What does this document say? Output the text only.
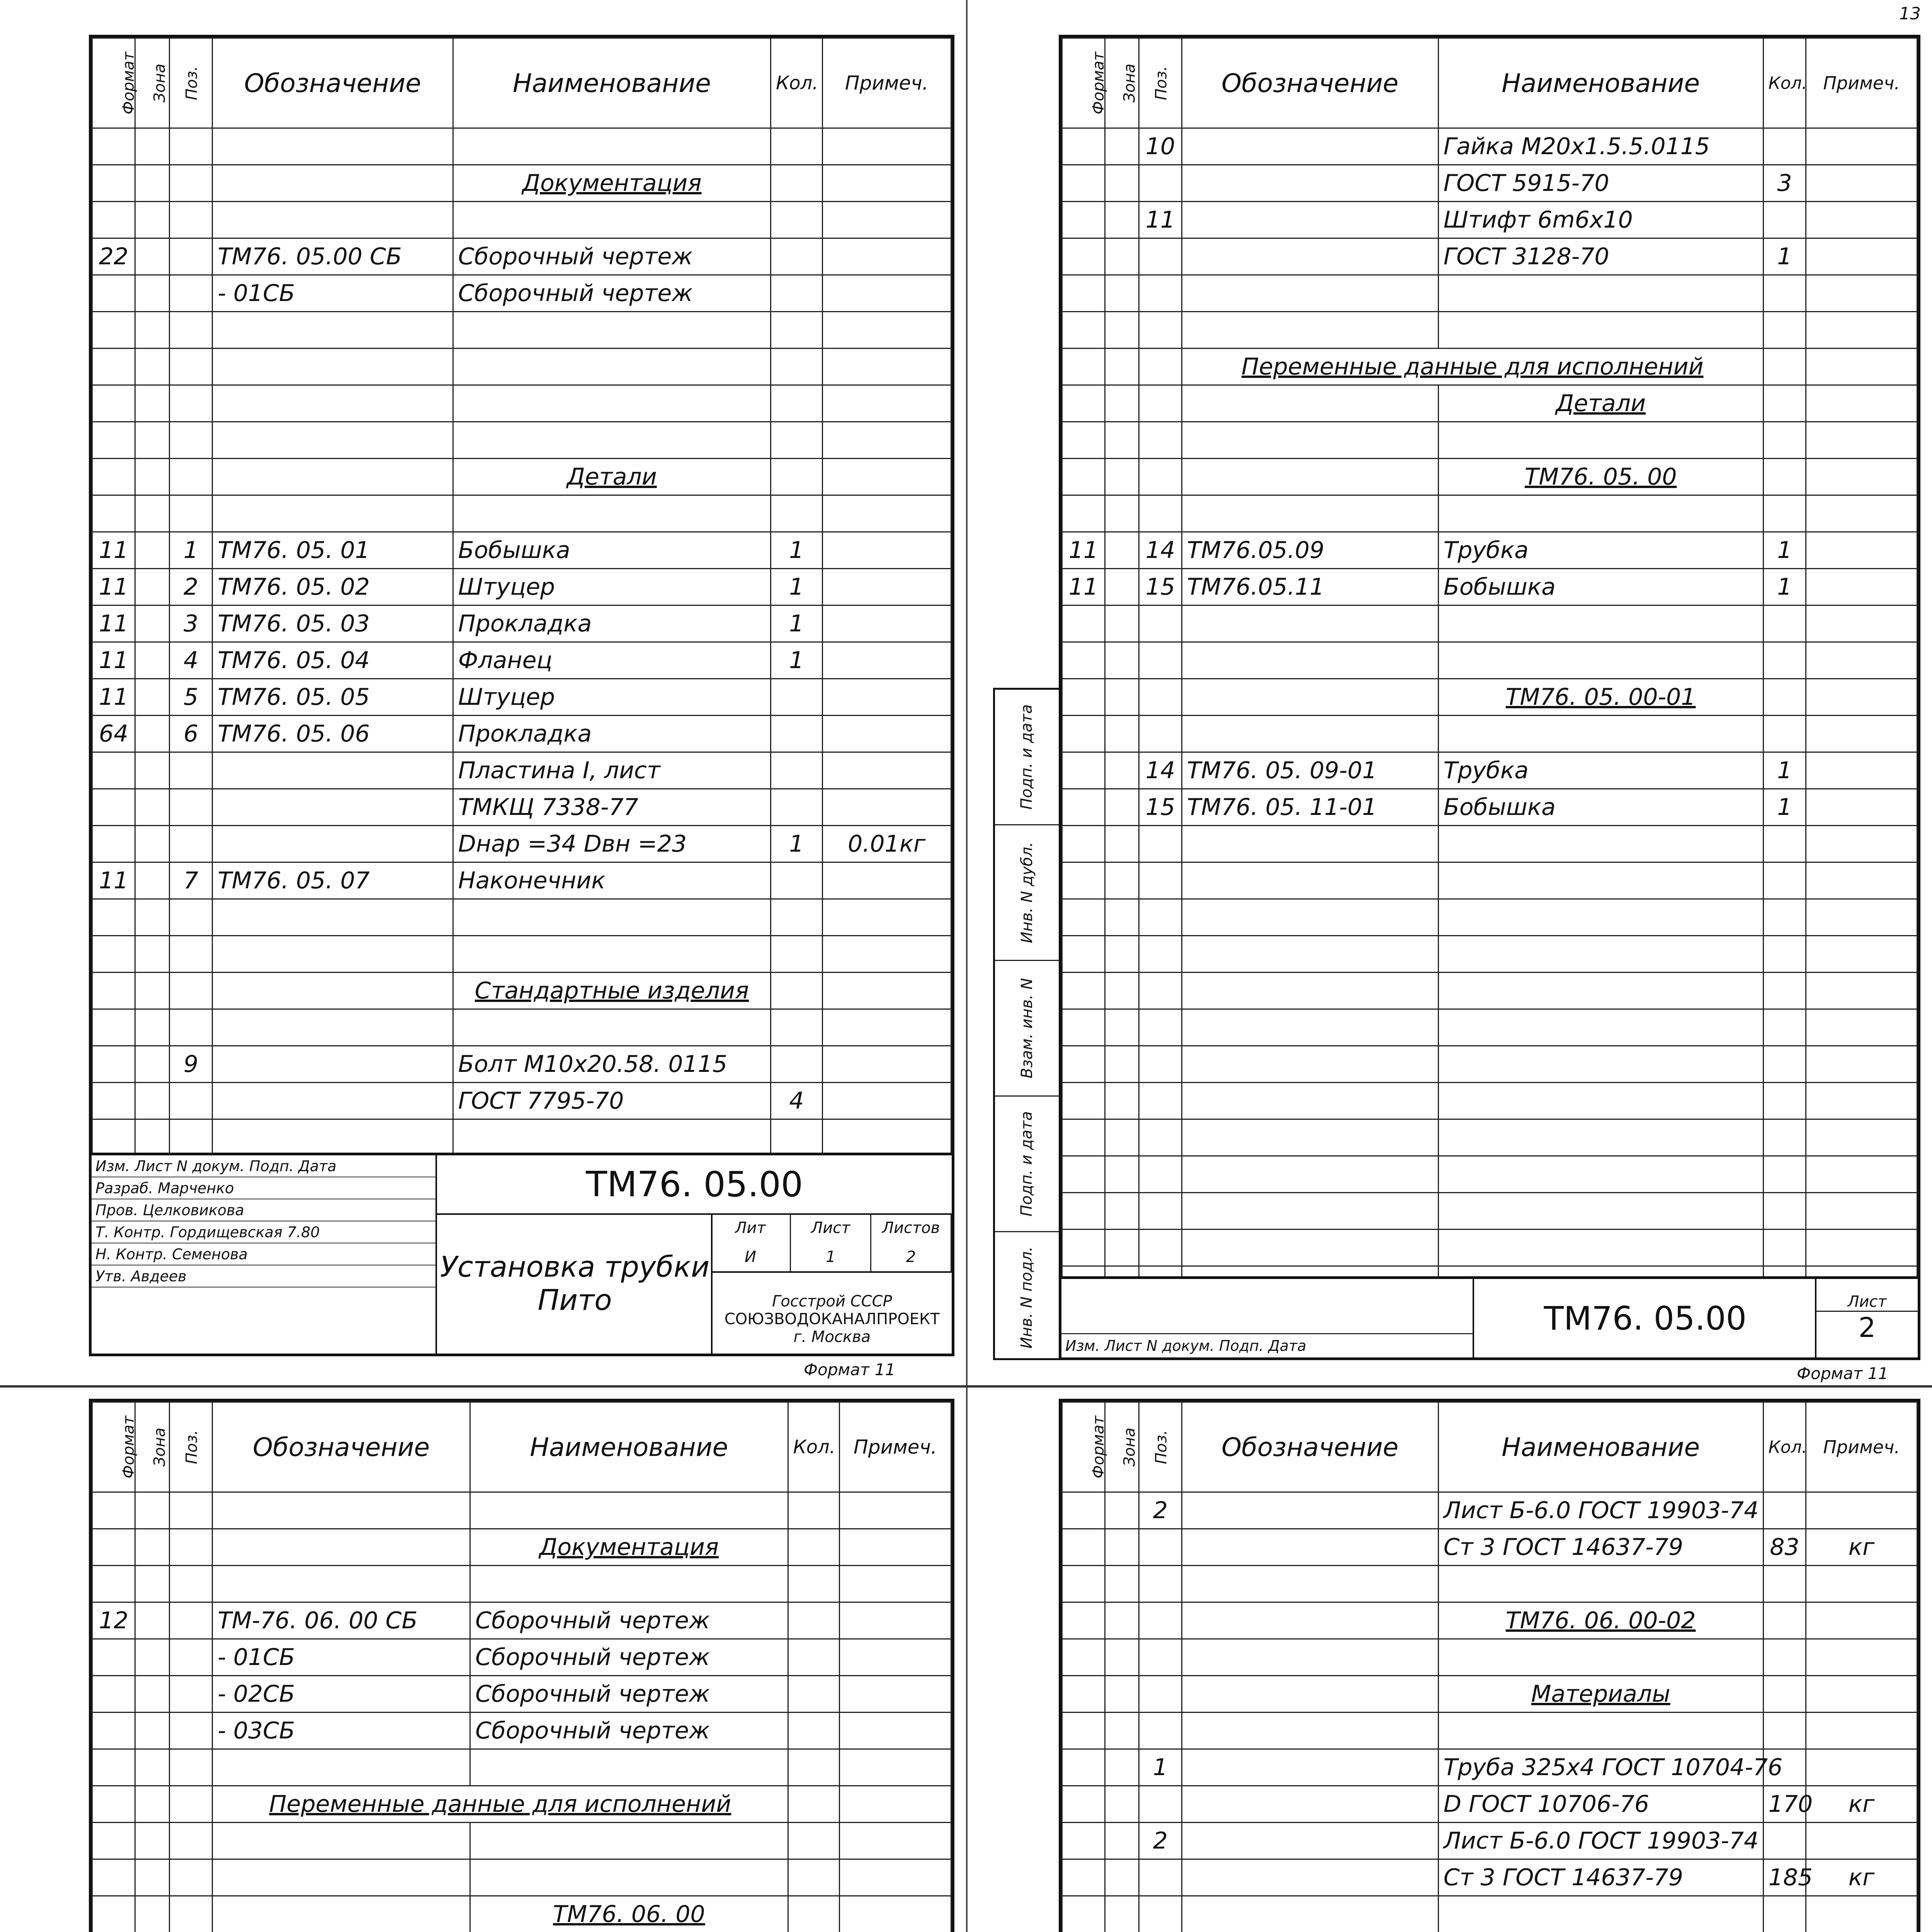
13
Формат	Зона	Поз.	Обозначение	Наименование	Кол.	Примеч.

				Документация		

22			ТМ76. 05.00 СБ	Сборочный чертеж		
			- 01СБ	Сборочный чертеж		

				Детали		

11		1	ТМ76. 05. 01	Бобышка	1	
11		2	ТМ76. 05. 02	Штуцер	1	
11		3	ТМ76. 05. 03	Прокладка	1	
11		4	ТМ76. 05. 04	Фланец	1	
11		5	ТМ76. 05. 05	Штуцер		
64		6	ТМ76. 05. 06	Прокладка		
				Пластина I, лист		
				ТМКЩ 7338-77		
				Dнар =34 Dвн =23	1	0.01кг
11		7	ТМ76. 05. 07	Наконечник		

				Стандартные изделия		

		9		Болт М10х20.58. 0115		
				ГОСТ 7795-70	4	

Изм. Лист N докум. Подп. Дата
Разраб. Марченко
Пров. Целковикова
Т. Контр. Гордищевская 7.80
Н. Контр. Семенова
Утв. Авдеев
ТМ76. 05.00
Установка трубки
Пито	Госстрой СССР
СОЮЗВОДОКАНАЛПРОЕКТ
г. Москва
Лит	Лист	Листов
И	1	2
Формат 11
Подп. и дата
Инв. N дубл.
Взам. инв. N
Подп. и дата
Инв. N подл.
Формат	Зона	Поз.	Обозначение	Наименование	Кол.	Примеч.
		10		Гайка М20х1.5.5.0115		
				ГОСТ 5915-70	3	
		11		Штифт 6m6х10		
				ГОСТ 3128-70	1	

			Переменные данные для исполнений			
				Детали		

				ТМ76. 05. 00		

11		14	ТМ76.05.09	Трубка	1	
11		15	ТМ76.05.11	Бобышка	1	

				ТМ76. 05. 00-01		

		14	ТМ76. 05. 09-01	Трубка	1	
		15	ТМ76. 05. 11-01	Бобышка	1	

Изм. Лист N докум. Подп. Дата
ТМ76. 05.00	Лист
2
Формат 11
Формат	Зона	Поз.	Обозначение	Наименование	Кол.	Примеч.

				Документация		

12			ТМ-76. 06. 00 СБ	Сборочный чертеж		
			- 01СБ	Сборочный чертеж		
			- 02СБ	Сборочный чертеж		
			- 03СБ	Сборочный чертеж		

			Переменные данные для исполнений			

				ТМ76. 06. 00		

Формат	Зона	Поз.	Обозначение	Наименование	Кол.	Примеч.
		2		Лист Б-6.0 ГОСТ 19903-74		
				Ст 3 ГОСТ 14637-79	83	кг

				ТМ76. 06. 00-02		

				Материалы		

		1		Труба 325х4 ГОСТ 10704-76		
				D ГОСТ 10706-76	170	кг
		2		Лист Б-6.0 ГОСТ 19903-74		
				Ст 3 ГОСТ 14637-79	185	кг
